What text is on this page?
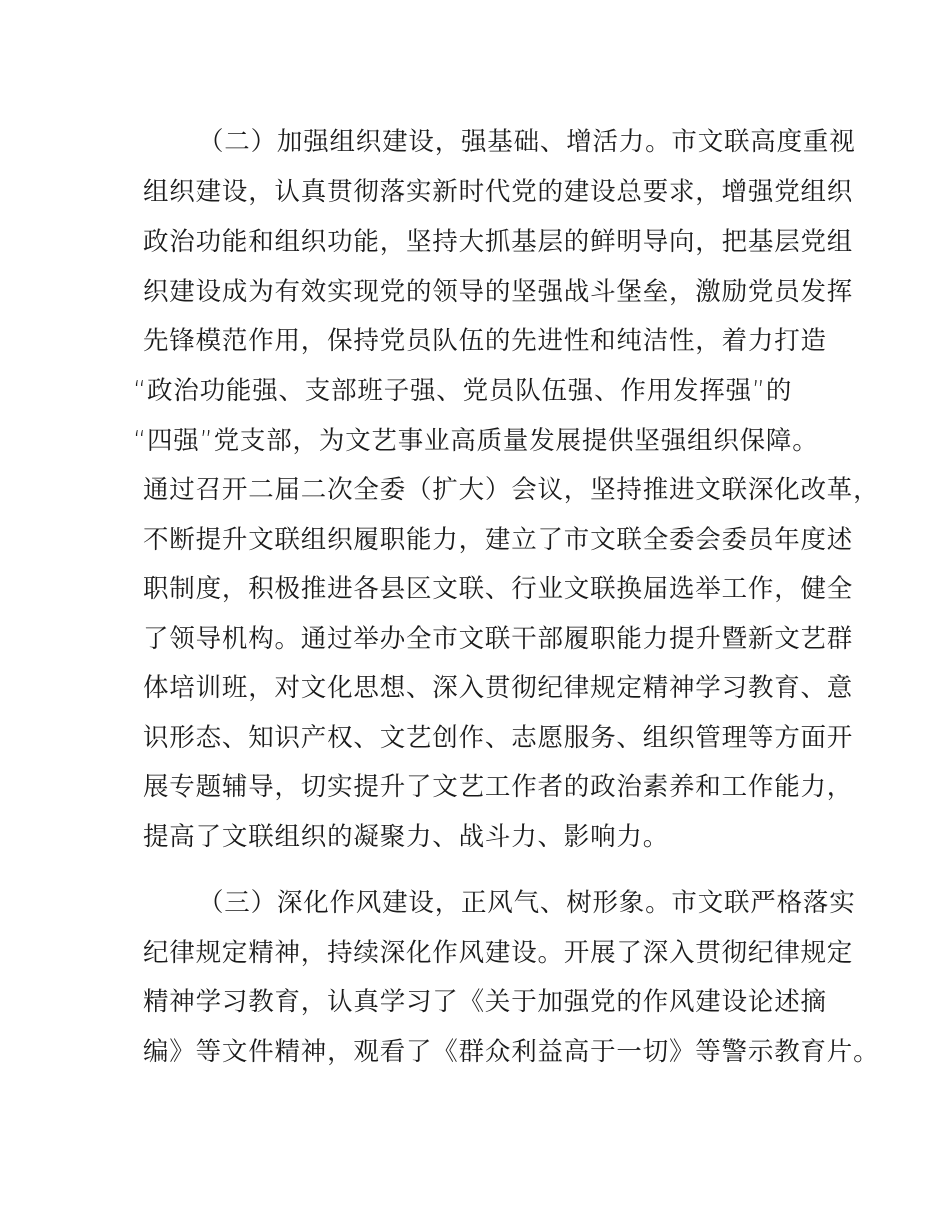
（二）加强组织建设，强基础、增活力。市文联高度重视
组织建设，认真贯彻落实新时代党的建设总要求，增强党组织
政治功能和组织功能，坚持大抓基层的鲜明导向，把基层党组
织建设成为有效实现党的领导的坚强战斗堡垒，激励党员发挥
先锋模范作用，保持党员队伍的先进性和纯洁性，着力打造
“政治功能强、支部班子强、党员队伍强、作用发挥强”的
“四强”党支部，为文艺事业高质量发展提供坚强组织保障。
通过召开二届二次全委（扩大）会议，坚持推进文联深化改革，
不断提升文联组织履职能力，建立了市文联全委会委员年度述
职制度，积极推进各县区文联、行业文联换届选举工作，健全
了领导机构。通过举办全市文联干部履职能力提升暨新文艺群
体培训班，对文化思想、深入贯彻纪律规定精神学习教育、意
识形态、知识产权、文艺创作、志愿服务、组织管理等方面开
展专题辅导，切实提升了文艺工作者的政治素养和工作能力，
提高了文联组织的凝聚力、战斗力、影响力。
（三）深化作风建设，正风气、树形象。市文联严格落实
纪律规定精神，持续深化作风建设。开展了深入贯彻纪律规定
精神学习教育，认真学习了《关于加强党的作风建设论述摘
编》等文件精神，观看了《群众利益高于一切》等警示教育片。
